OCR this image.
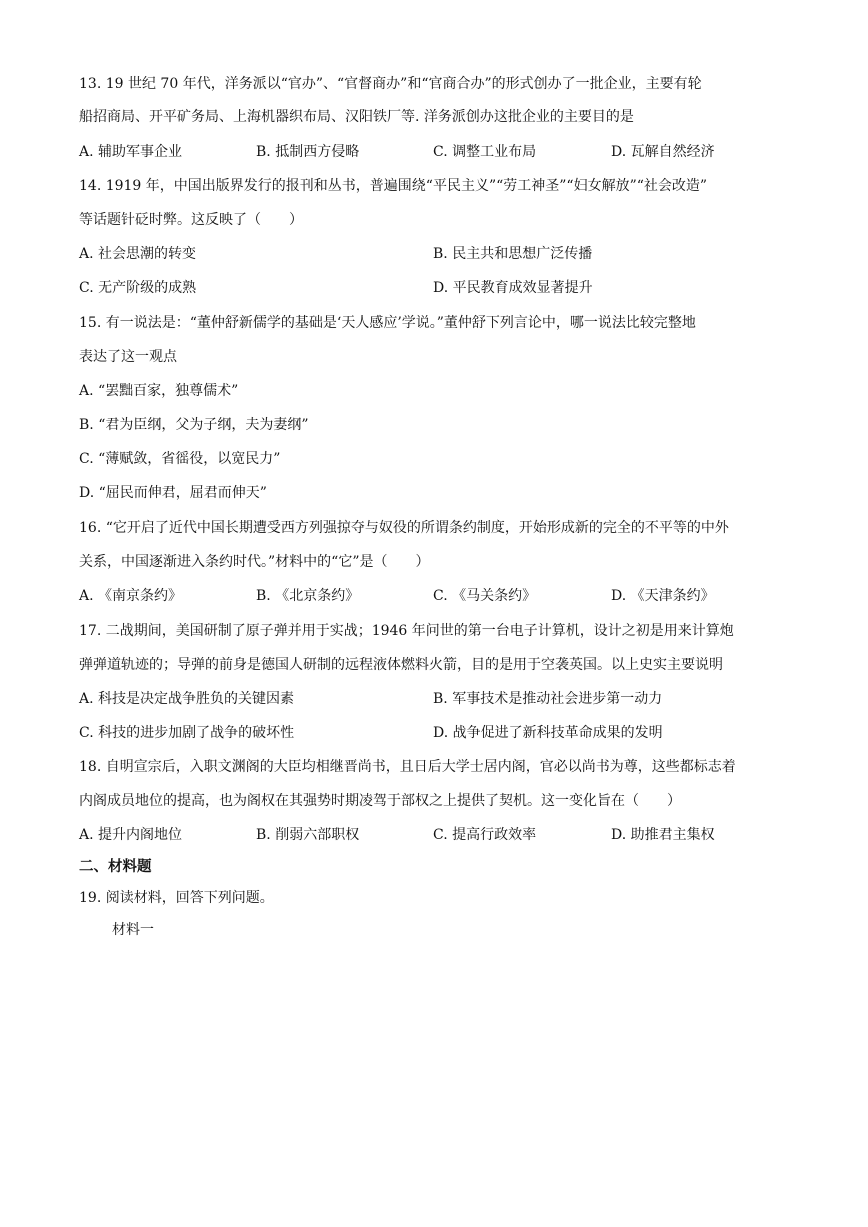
13. 19 世纪 70 年代，洋务派以“官办”、“官督商办”和“官商合办”的形式创办了一批企业，主要有轮
船招商局、开平矿务局、上海机器织布局、汉阳铁厂等. 洋务派创办这批企业的主要目的是
A. 辅助军事企业	B. 抵制西方侵略	C. 调整工业布局	D. 瓦解自然经济
14. 1919 年，中国出版界发行的报刊和丛书，普遍围绕“平民主义”“劳工神圣”“妇女解放”“社会改造”
等话题针砭时弊。这反映了（　　）
A. 社会思潮的转变	B. 民主共和思想广泛传播
C. 无产阶级的成熟	D. 平民教育成效显著提升
15. 有一说法是：“董仲舒新儒学的基础是‘天人感应’学说。”董仲舒下列言论中，哪一说法比较完整地
表达了这一观点
A. “罢黜百家，独尊儒术”
B. “君为臣纲，父为子纲，夫为妻纲”
C. “薄赋敛，省徭役，以宽民力”
D. “屈民而伸君，屈君而伸天”
16. “它开启了近代中国长期遭受西方列强掠夺与奴役的所谓条约制度，开始形成新的完全的不平等的中外
关系，中国逐渐进入条约时代。”材料中的“它”是（　　）
A. 《南京条约》	B. 《北京条约》	C. 《马关条约》	D. 《天津条约》
17. 二战期间，美国研制了原子弹并用于实战；1946 年问世的第一台电子计算机，设计之初是用来计算炮
弹弹道轨迹的；导弹的前身是德国人研制的远程液体燃料火箭，目的是用于空袭英国。以上史实主要说明
A. 科技是决定战争胜负的关键因素	B. 军事技术是推动社会进步第一动力
C. 科技的进步加剧了战争的破坏性	D. 战争促进了新科技革命成果的发明
18. 自明宣宗后，入职文渊阁的大臣均相继晋尚书，且日后大学士居内阁，官必以尚书为尊，这些都标志着
内阁成员地位的提高，也为阁权在其强势时期凌驾于部权之上提供了契机。这一变化旨在（　　）
A. 提升内阁地位	B. 削弱六部职权	C. 提高行政效率	D. 助推君主集权
二、材料题
19. 阅读材料，回答下列问题。
材料一
